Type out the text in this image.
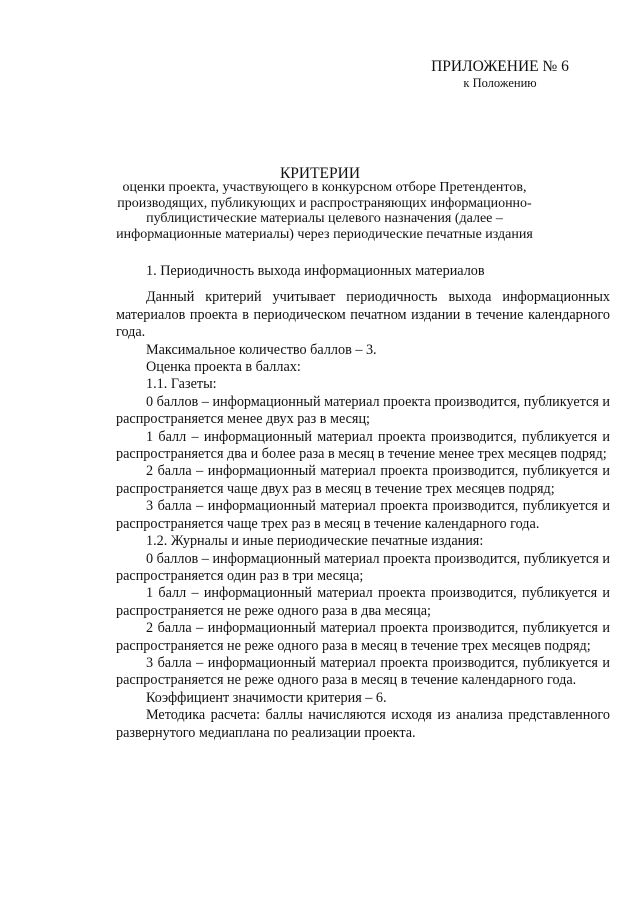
ПРИЛОЖЕНИЕ № 6
к Положению
КРИТЕРИИ
оценки проекта, участвующего в конкурсном отборе Претендентов, производящих, публикующих и распространяющих информационно-публицистические материалы целевого назначения (далее – информационные материалы) через периодические печатные издания

1. Периодичность выхода информационных материалов

Данный критерий учитывает периодичность выхода информационных материалов проекта в периодическом печатном издании в течение календарного года.

Максимальное количество баллов – 3.

Оценка проекта в баллах:

1.1. Газеты:

0 баллов – информационный материал проекта производится, публикуется и распространяется менее двух раз в месяц;

1 балл – информационный материал проекта производится, публикуется и распространяется два и более раза в месяц в течение менее трех месяцев подряд;

2 балла – информационный материал проекта производится, публикуется и распространяется чаще двух раз в месяц в течение трех месяцев подряд;

3 балла – информационный материал проекта производится, публикуется и распространяется чаще трех раз в месяц в течение календарного года.

1.2. Журналы и иные периодические печатные издания:

0 баллов – информационный материал проекта производится, публикуется и распространяется один раз в три месяца;

1 балл – информационный материал проекта производится, публикуется и распространяется не реже одного раза в два месяца;

2 балла – информационный материал проекта производится, публикуется и распространяется не реже одного раза в месяц в течение трех месяцев подряд;

3 балла – информационный материал проекта производится, публикуется и распространяется не реже одного раза в месяц в течение календарного года.

Коэффициент значимости критерия – 6.

Методика расчета: баллы начисляются исходя из анализа представленного развернутого медиаплана по реализации проекта.
